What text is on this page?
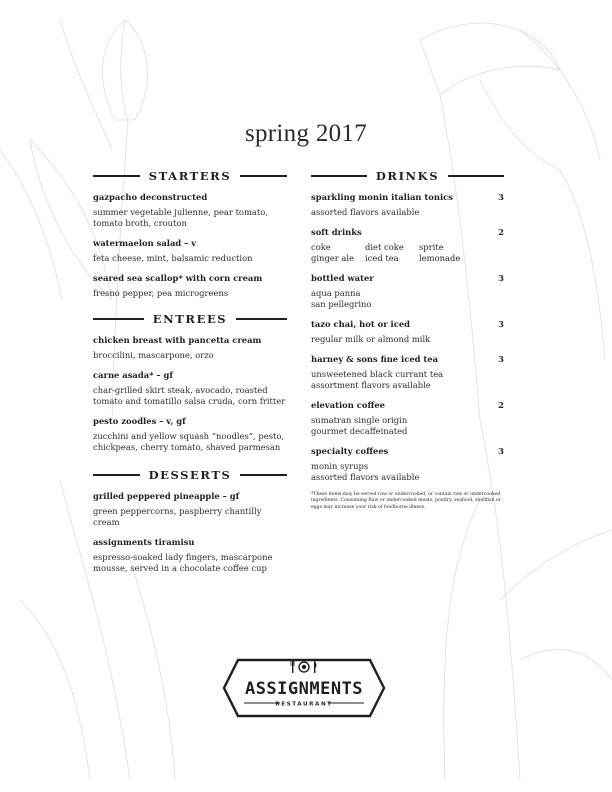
spring 2017
STARTERS
gazpacho deconstructed
summer vegetable julienne, pear tomato, tomato broth, crouton
watermaelon salad – v
feta cheese, mint, balsamic reduction
seared sea scallop* with corn cream
fresno pepper, pea microgreens
ENTREES
chicken breast with pancetta cream
broccilini, mascarpone, orzo
carne asada* – gf
char-grilled skirt steak, avocado, roasted tomato and tomatillo salsa cruda, corn fritter
pesto zoodles – v, gf
zucchini and yellow squash “noodles”, pesto, chickpeas, cherry tomato, shaved parmesan
DESSERTS
grilled peppered pineapple – gf
green peppercorns, paspberry chantilly cream
assignments tiramisu
espresso-soaked lady fingers, mascarpone mousse, served in a chocolate coffee cup
DRINKS
sparkling monin italian tonics	3
assorted flavors available
soft drinks	2
coke	diet coke	sprite
ginger ale	iced tea	lemonade
bottled water	3
aqua panna
san pellegrino
tazo chai, hot or iced	3
regular milk or almond milk
harney & sons fine iced tea	3
unsweetened black currant tea
assortment flavors available
elevation coffee	2
sumatran single origin
gourmet decaffeinated
specialty coffees	3
monin syrups
assorted flavors available
*These items may be served raw or undercooked, or contain raw or undercooked ingredients. Consuming Raw or undercooked meats, poultry, seafood, shellfish or eggs may increase your risk of foodborne illness.
ASSIGNMENTS
RESTAURANT
